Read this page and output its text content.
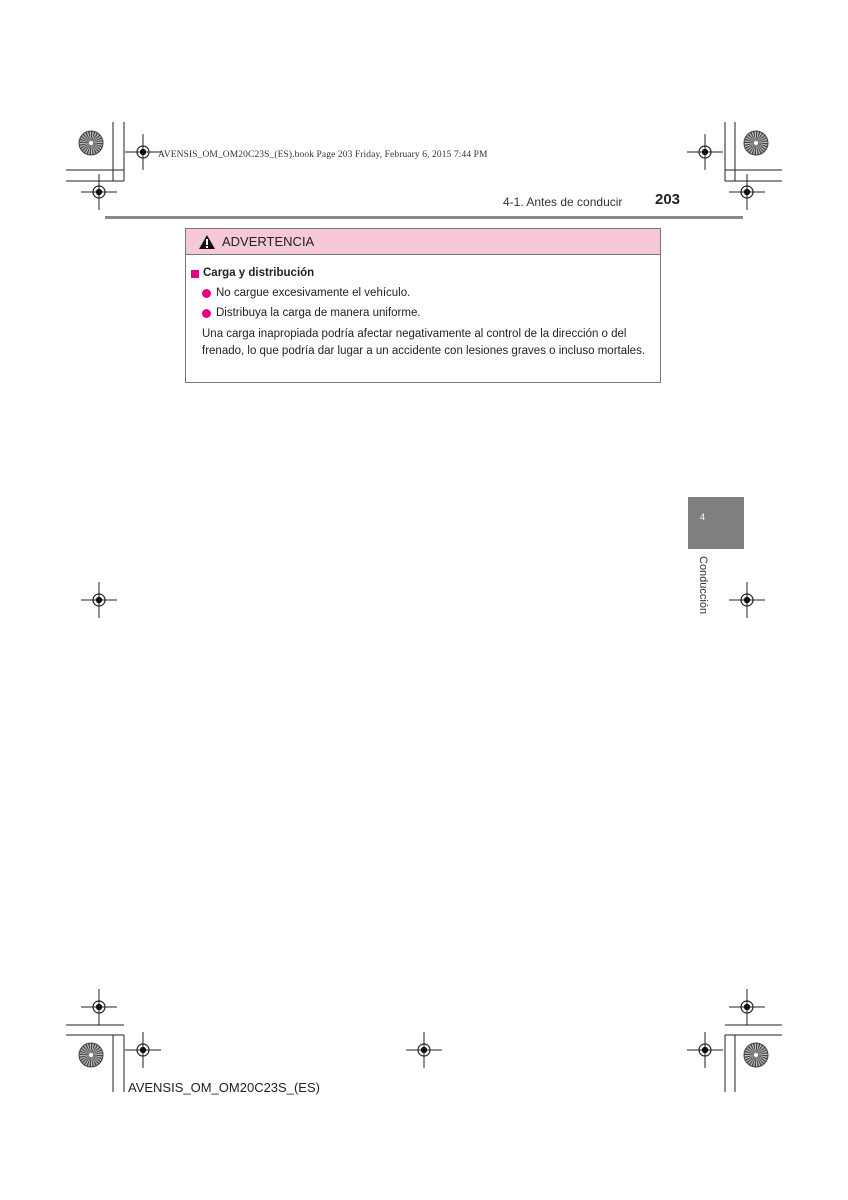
AVENSIS_OM_OM20C23S_(ES).book Page 203 Friday, February 6, 2015 7:44 PM
4-1. Antes de conducir 203
ADVERTENCIA
Carga y distribución
No cargue excesivamente el vehículo.
Distribuya la carga de manera uniforme.
Una carga inapropiada podría afectar negativamente al control de la dirección o del frenado, lo que podría dar lugar a un accidente con lesiones graves o incluso mortales.
4
Conducción
AVENSIS_OM_OM20C23S_(ES)
